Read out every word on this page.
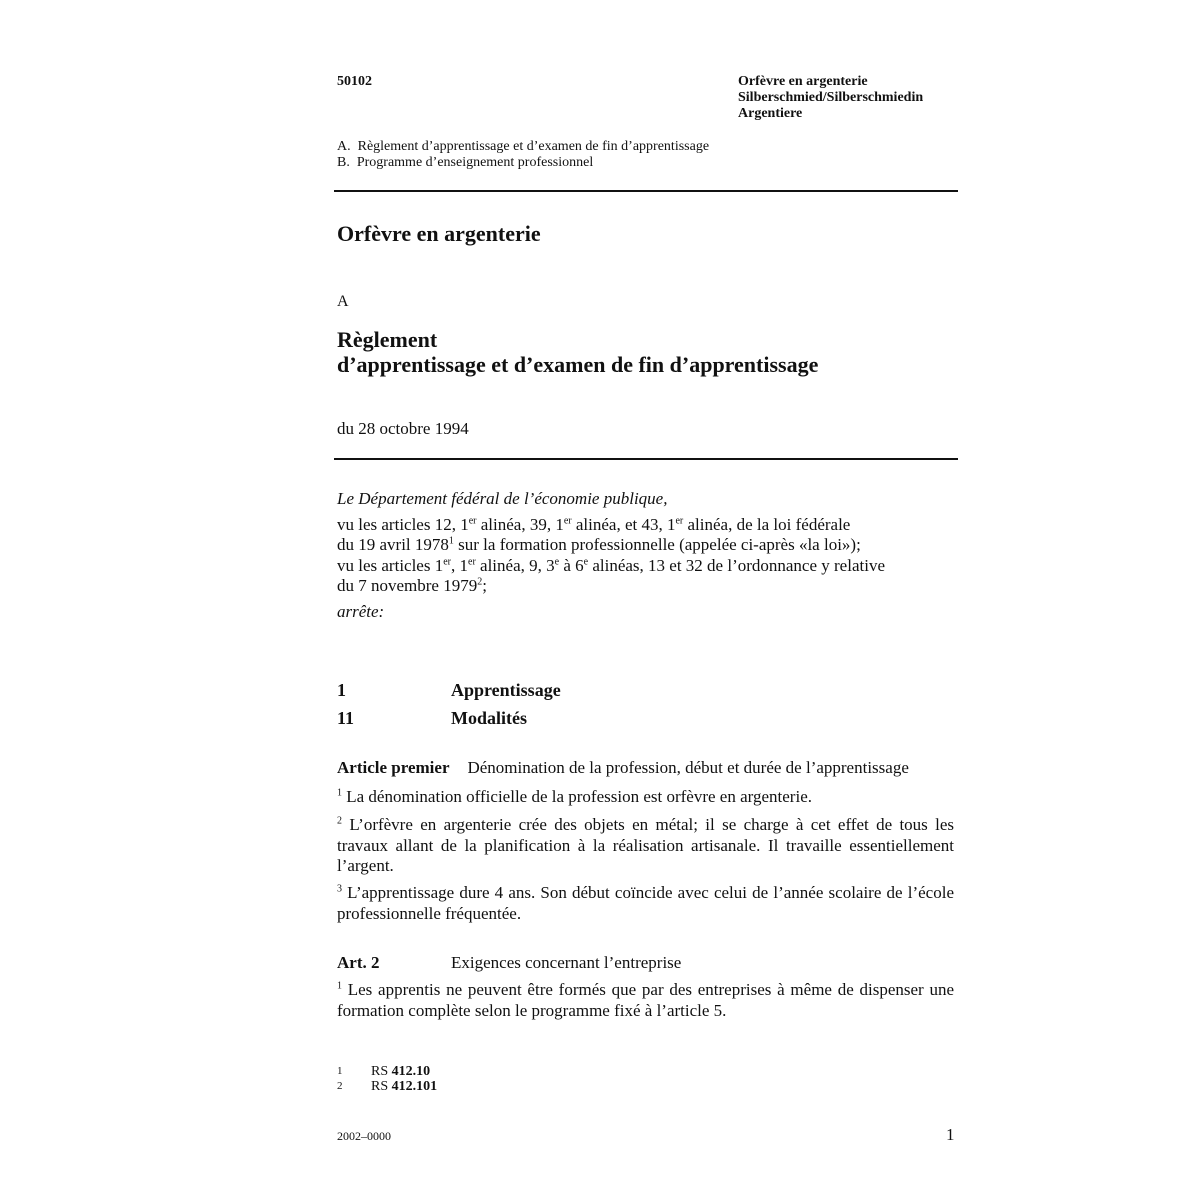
50102	Orfèvre en argenterie
Silberschmied/Silberschmiedin
Argentiere
A.  Règlement d’apprentissage et d’examen de fin d’apprentissage
B.  Programme d’enseignement professionnel
Orfèvre en argenterie
A
Règlement
d’apprentissage et d’examen de fin d’apprentissage
du 28 octobre 1994
Le Département fédéral de l’économie publique,
vu les articles 12, 1er alinéa, 39, 1er alinéa, et 43, 1er alinéa, de la loi fédérale
du 19 avril 1978$^1$ sur la formation professionnelle (appelée ci-après «la loi»);
vu les articles 1er, 1er alinéa, 9, 3e à 6e alinéas, 13 et 32 de l’ordonnance y relative
du 7 novembre 1979$^2$;
arrête:
1	Apprentissage
11	Modalités
Article premier Dénomination de la profession, début et durée de l’apprentissage
$^1$ La dénomination officielle de la profession est orfèvre en argenterie.
$^2$ L’orfèvre en argenterie crée des objets en métal; il se charge à cet effet de tous les travaux allant de la planification à la réalisation artisanale. Il travaille essentiellement l’argent.
$^3$ L’apprentissage dure 4 ans. Son début coïncide avec celui de l’année scolaire de l’école professionnelle fréquentée.
Art. 2	Exigences concernant l’entreprise
$^1$ Les apprentis ne peuvent être formés que par des entreprises à même de dispenser une formation complète selon le programme fixé à l’article 5.
1 RS 412.10
2 RS 412.101
2002–0000	1
